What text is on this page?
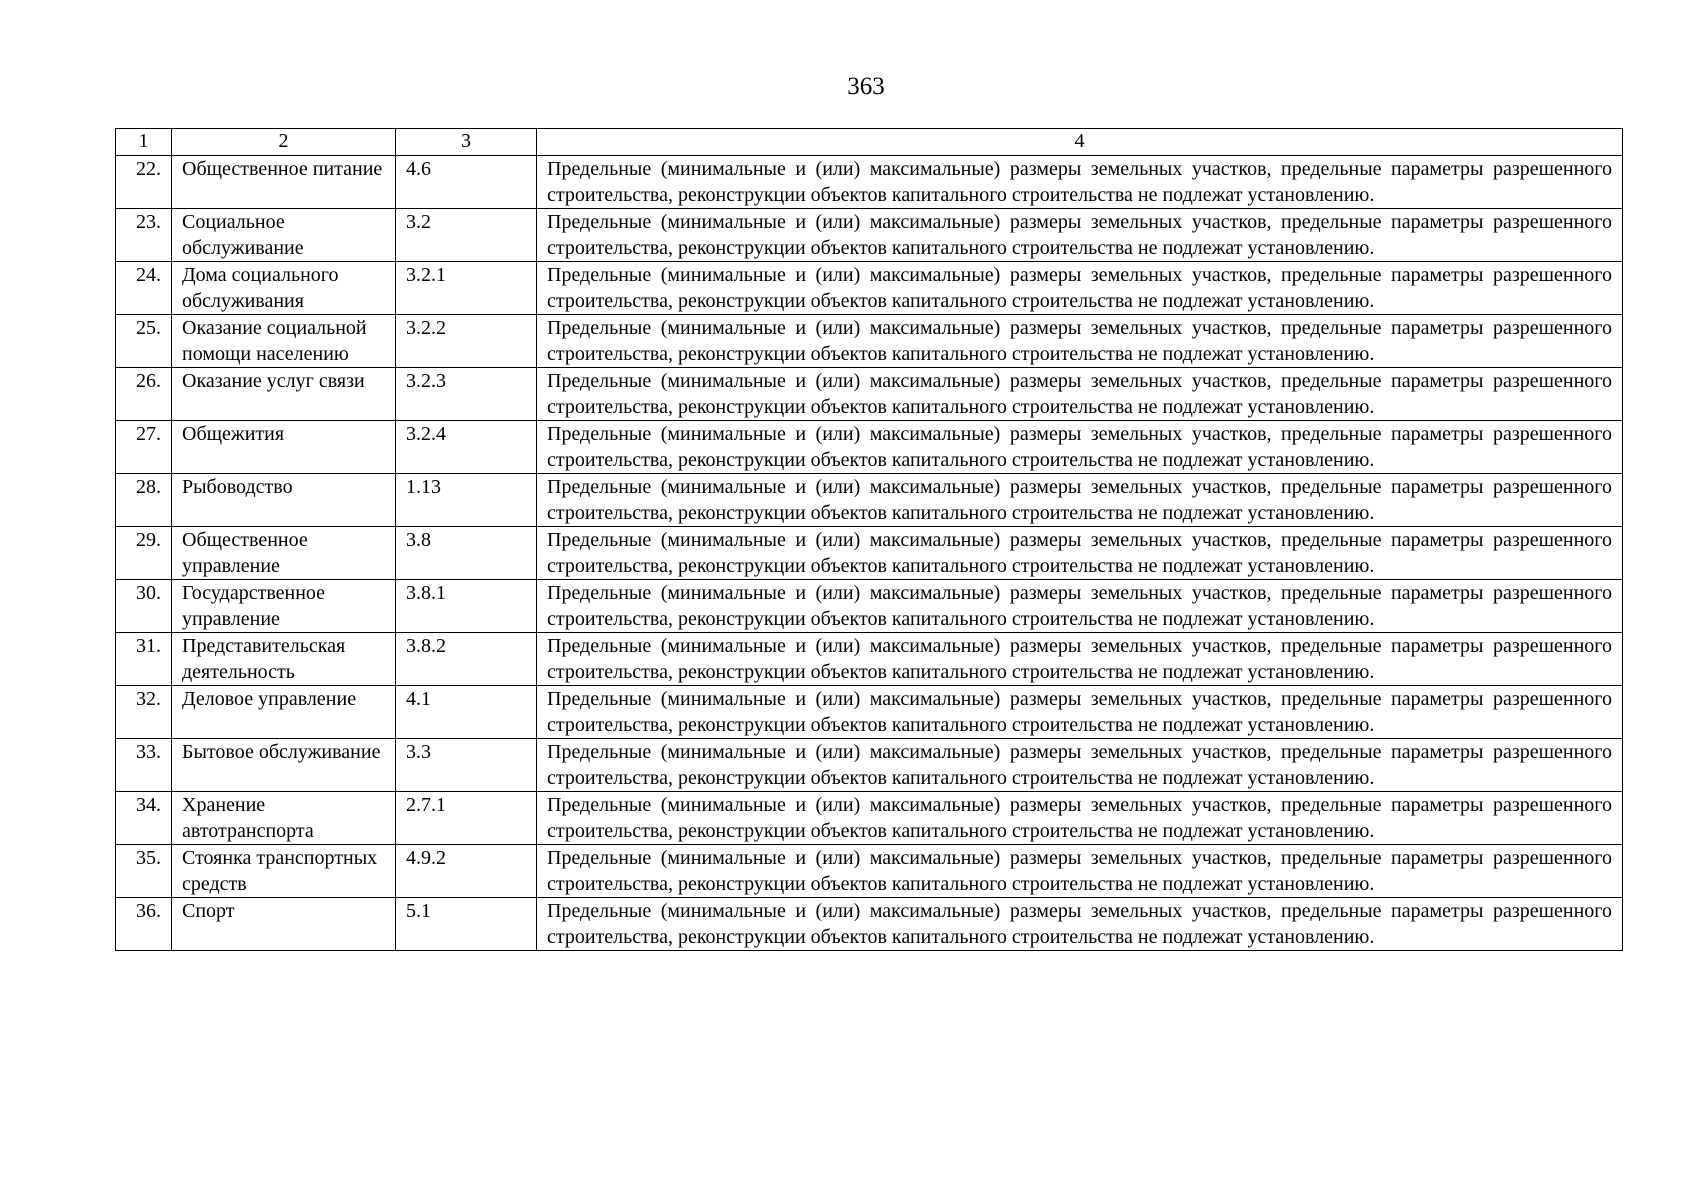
363
1	2	3	4
22.	Общественное питание	4.6	Предельные (минимальные и (или) максимальные) размеры земельных участков, предельные параметры разрешенного строительства, реконструкции объектов капитального строительства не подлежат установлению.
23.	Социальное обслуживание	3.2	Предельные (минимальные и (или) максимальные) размеры земельных участков, предельные параметры разрешенного строительства, реконструкции объектов капитального строительства не подлежат установлению.
24.	Дома социального обслуживания	3.2.1	Предельные (минимальные и (или) максимальные) размеры земельных участков, предельные параметры разрешенного строительства, реконструкции объектов капитального строительства не подлежат установлению.
25.	Оказание социальной помощи населению	3.2.2	Предельные (минимальные и (или) максимальные) размеры земельных участков, предельные параметры разрешенного строительства, реконструкции объектов капитального строительства не подлежат установлению.
26.	Оказание услуг связи	3.2.3	Предельные (минимальные и (или) максимальные) размеры земельных участков, предельные параметры разрешенного строительства, реконструкции объектов капитального строительства не подлежат установлению.
27.	Общежития	3.2.4	Предельные (минимальные и (или) максимальные) размеры земельных участков, предельные параметры разрешенного строительства, реконструкции объектов капитального строительства не подлежат установлению.
28.	Рыбоводство	1.13	Предельные (минимальные и (или) максимальные) размеры земельных участков, предельные параметры разрешенного строительства, реконструкции объектов капитального строительства не подлежат установлению.
29.	Общественное управление	3.8	Предельные (минимальные и (или) максимальные) размеры земельных участков, предельные параметры разрешенного строительства, реконструкции объектов капитального строительства не подлежат установлению.
30.	Государственное управление	3.8.1	Предельные (минимальные и (или) максимальные) размеры земельных участков, предельные параметры разрешенного строительства, реконструкции объектов капитального строительства не подлежат установлению.
31.	Представительская деятельность	3.8.2	Предельные (минимальные и (или) максимальные) размеры земельных участков, предельные параметры разрешенного строительства, реконструкции объектов капитального строительства не подлежат установлению.
32.	Деловое управление	4.1	Предельные (минимальные и (или) максимальные) размеры земельных участков, предельные параметры разрешенного строительства, реконструкции объектов капитального строительства не подлежат установлению.
33.	Бытовое обслуживание	3.3	Предельные (минимальные и (или) максимальные) размеры земельных участков, предельные параметры разрешенного строительства, реконструкции объектов капитального строительства не подлежат установлению.
34.	Хранение автотранспорта	2.7.1	Предельные (минимальные и (или) максимальные) размеры земельных участков, предельные параметры разрешенного строительства, реконструкции объектов капитального строительства не подлежат установлению.
35.	Стоянка транспортных средств	4.9.2	Предельные (минимальные и (или) максимальные) размеры земельных участков, предельные параметры разрешенного строительства, реконструкции объектов капитального строительства не подлежат установлению.
36.	Спорт	5.1	Предельные (минимальные и (или) максимальные) размеры земельных участков, предельные параметры разрешенного строительства, реконструкции объектов капитального строительства не подлежат установлению.
